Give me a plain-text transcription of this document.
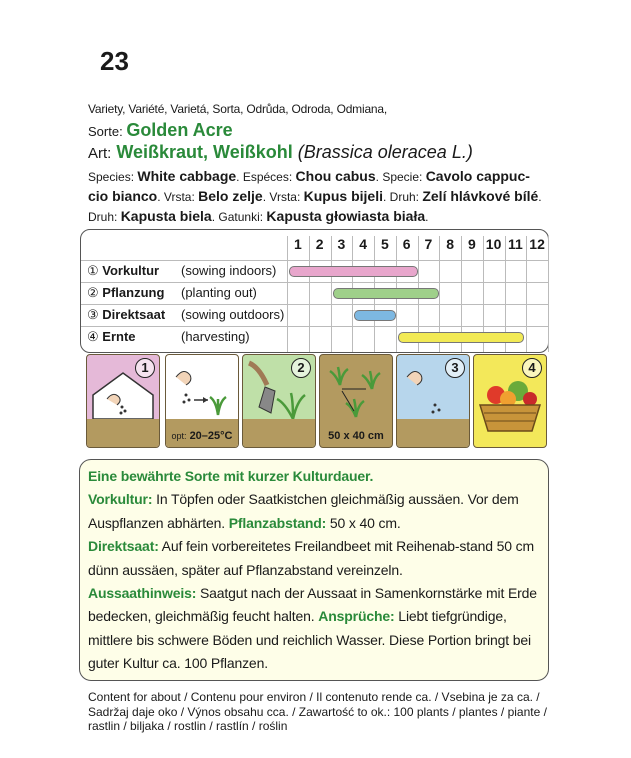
23
Variety, Variété, Varietá, Sorta, Odrůda, Odroda, Odmiana,
Sorte: Golden Acre
Art: Weißkraut, Weißkohl (Brassica oleracea L.)
Species: White cabbage. Espéces: Chou cabus. Specie: Cavolo cappuc-cio bianco. Vrsta: Belo zelje. Vrsta: Kupus bijeli. Druh: Zelí hlávkové bílé. Druh: Kapusta biela. Gatunki: Kapusta głowiasta biała.
1 2 3 4 5 6 7 8 9 10 11 12
① Vorkultur (sowing indoors)
② Pflanzung (planting out)
③ Direktsaat (sowing outdoors)
④ Ernte	(harvesting)
1
opt: 20–25°C
2
50 x 40 cm
3	4

Eine bewährte Sorte mit kurzer Kulturdauer.
Vorkultur: In Töpfen oder Saatkistchen gleichmäßig aussäen. Vor dem Auspflanzen abhärten. Pflanzabstand: 50 x 40 cm.
Direktsaat: Auf fein vorbereitetes Freilandbeet mit Reihenab-stand 50 cm dünn aussäen, später auf Pflanzabstand vereinzeln.
Aussaathinweis: Saatgut nach der Aussaat in Samenkornstärke mit Erde bedecken, gleichmäßig feucht halten. Ansprüche: Liebt tiefgründige, mittlere bis schwere Böden und reichlich Wasser. Diese Portion bringt bei guter Kultur ca. 100 Pflanzen.

Content for about / Contenu pour environ / Il contenuto rende ca. / Vsebina je za ca. / Sadržaj daje oko / Výnos obsahu cca. / Zawartość to ok.: 100 plants / plantes / piante / rastlin / biljaka / rostlin / rastlín / roślin
